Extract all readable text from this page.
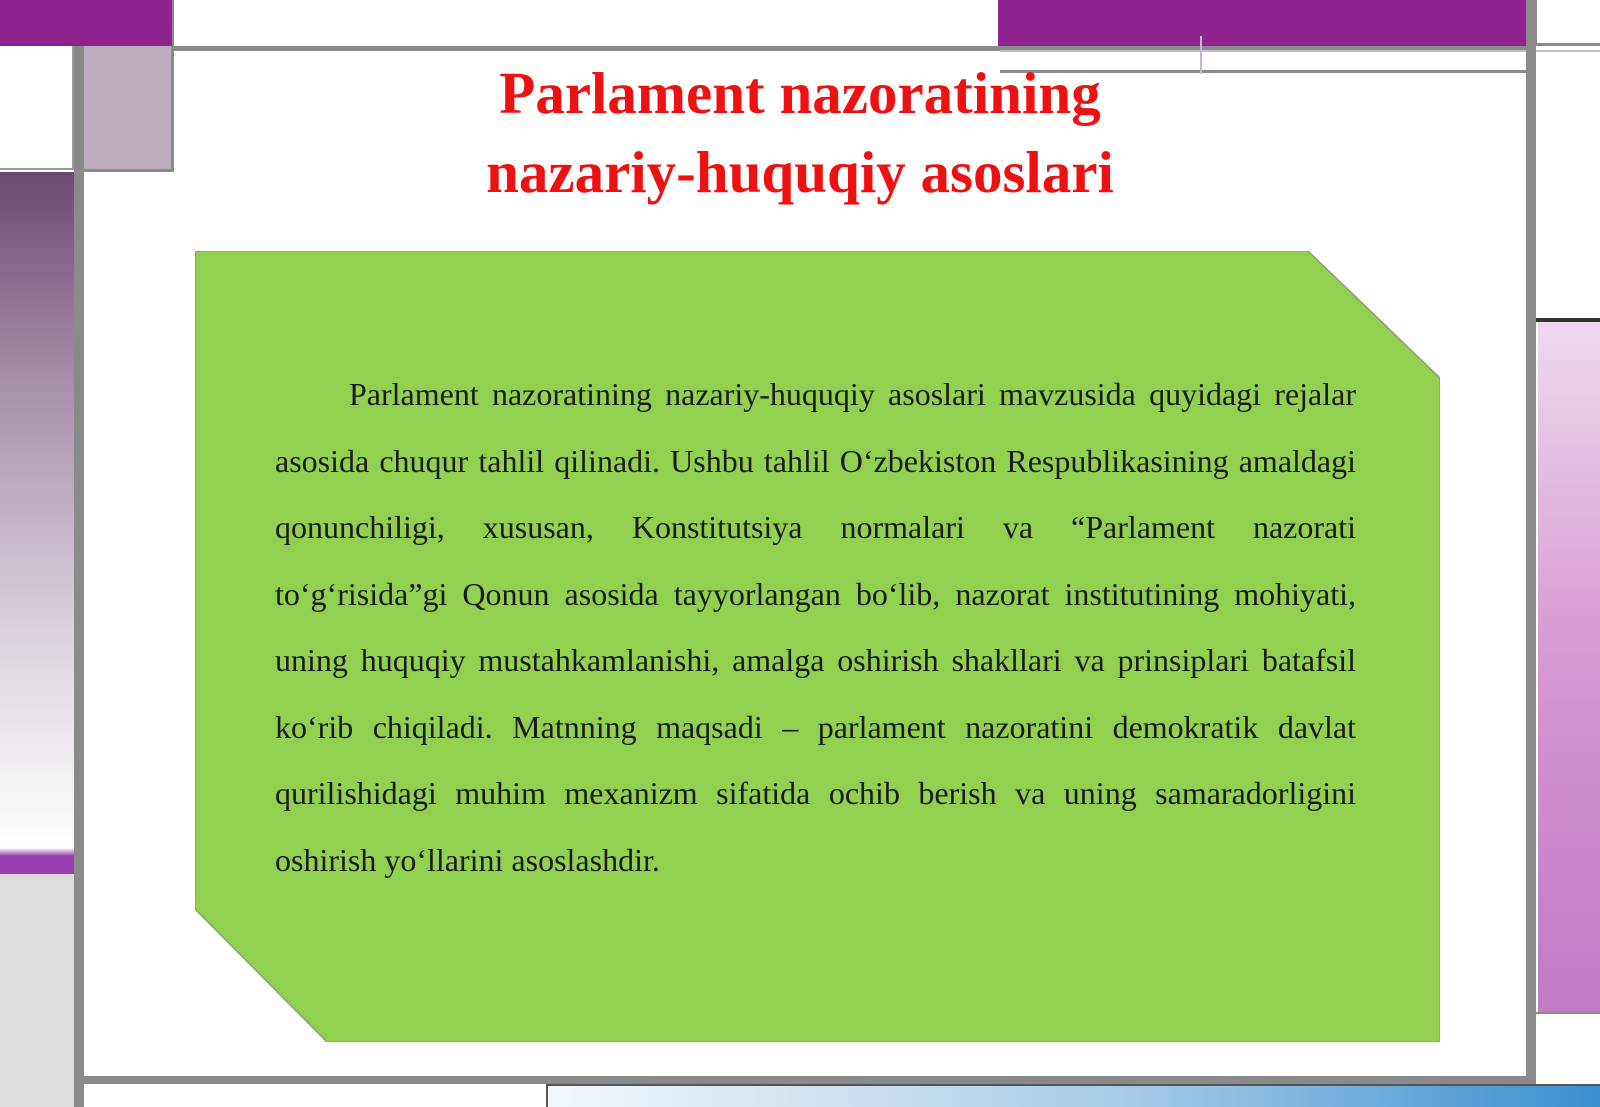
Parlament nazoratining
nazariy-huquqiy asoslari

Parlament nazoratining nazariy-huquqiy asoslari mavzusida quyidagi rejalar asosida chuqur tahlil qilinadi. Ushbu tahlil O‘zbekiston Respublikasining amaldagi qonunchiligi, xususan, Konstitutsiya normalari va “Parlament nazorati to‘g‘risida”gi Qonun asosida tayyorlangan bo‘lib, nazorat institutining mohiyati, uning huquqiy mustahkamlanishi, amalga oshirish shakllari va prinsiplari batafsil ko‘rib chiqiladi. Matnning maqsadi – parlament nazoratini demokratik davlat qurilishidagi muhim mexanizm sifatida ochib berish va uning samaradorligini oshirish yo‘llarini asoslashdir.
